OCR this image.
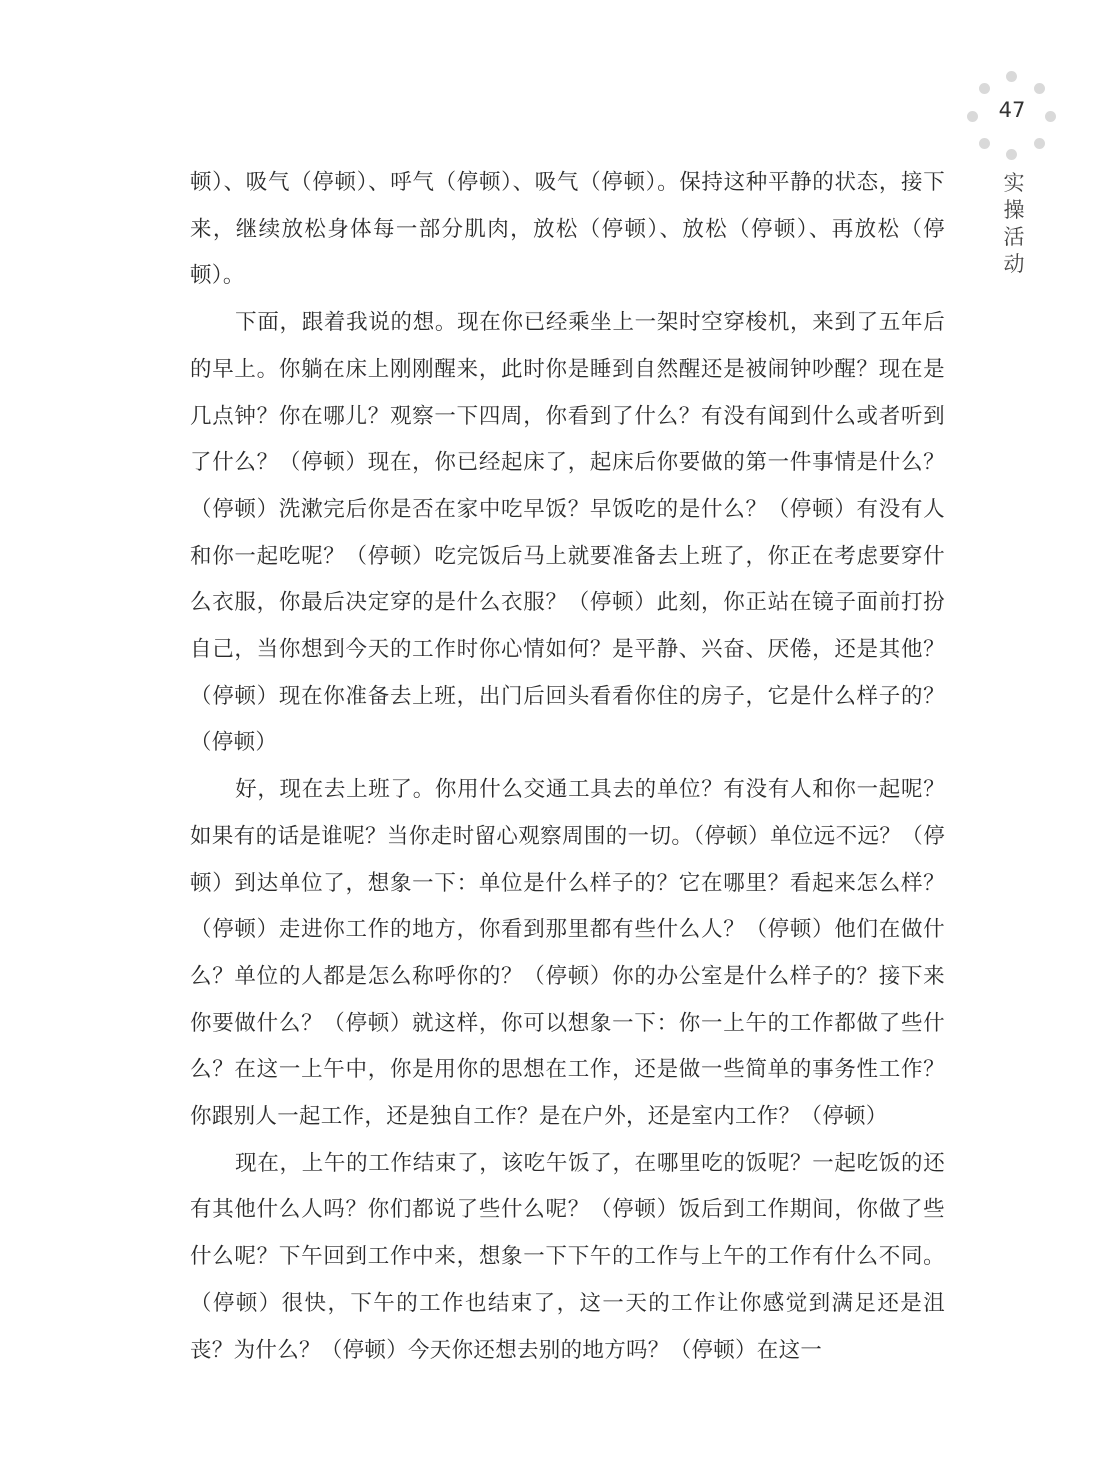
47
实操活动

顿）、吸气（停顿）、呼气（停顿）、吸气（停顿）。保持这种平静的状态，接下来，继续放松身体每一部分肌肉，放松（停顿）、放松（停顿）、再放松（停顿）。

下面，跟着我说的想。现在你已经乘坐上一架时空穿梭机，来到了五年后的早上。你躺在床上刚刚醒来，此时你是睡到自然醒还是被闹钟吵醒？现在是几点钟？你在哪儿？观察一下四周，你看到了什么？有没有闻到什么或者听到了什么？（停顿）现在，你已经起床了，起床后你要做的第一件事情是什么？（停顿）洗漱完后你是否在家中吃早饭？早饭吃的是什么？（停顿）有没有人和你一起吃呢？（停顿）吃完饭后马上就要准备去上班了，你正在考虑要穿什么衣服，你最后决定穿的是什么衣服？（停顿）此刻，你正站在镜子面前打扮自己，当你想到今天的工作时你心情如何？是平静、兴奋、厌倦，还是其他？（停顿）现在你准备去上班，出门后回头看看你住的房子，它是什么样子的？（停顿）

好，现在去上班了。你用什么交通工具去的单位？有没有人和你一起呢？如果有的话是谁呢？当你走时留心观察周围的一切。（停顿）单位远不远？（停顿）到达单位了，想象一下：单位是什么样子的？它在哪里？看起来怎么样？（停顿）走进你工作的地方，你看到那里都有些什么人？（停顿）他们在做什么？单位的人都是怎么称呼你的？（停顿）你的办公室是什么样子的？接下来你要做什么？（停顿）就这样，你可以想象一下：你一上午的工作都做了些什么？在这一上午中，你是用你的思想在工作，还是做一些简单的事务性工作？你跟别人一起工作，还是独自工作？是在户外，还是室内工作？（停顿）

现在，上午的工作结束了，该吃午饭了，在哪里吃的饭呢？一起吃饭的还有其他什么人吗？你们都说了些什么呢？（停顿）饭后到工作期间，你做了些什么呢？下午回到工作中来，想象一下下午的工作与上午的工作有什么不同。（停顿）很快，下午的工作也结束了，这一天的工作让你感觉到满足还是沮丧？为什么？（停顿）今天你还想去别的地方吗？（停顿）在这一
